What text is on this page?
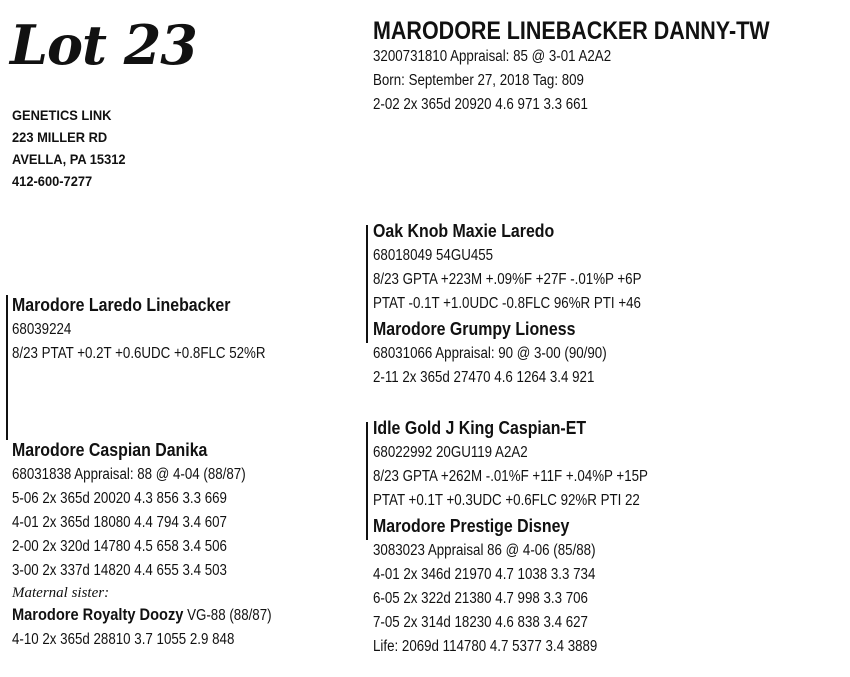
Lot 23
GENETICS LINK
223 MILLER RD
AVELLA, PA 15312
412-600-7277
MARODORE LINEBACKER DANNY-TW
3200731810 Appraisal: 85 @ 3-01 A2A2
Born: September 27, 2018 Tag: 809
2-02 2x 365d 20920 4.6 971 3.3 661
Oak Knob Maxie Laredo
68018049 54GU455
8/23 GPTA +223M +.09%F +27F -.01%P +6P
PTAT -0.1T +1.0UDC -0.8FLC 96%R PTI +46
Marodore Grumpy Lioness
68031066 Appraisal: 90 @ 3-00 (90/90)
2-11 2x 365d 27470 4.6 1264 3.4 921
Marodore Laredo Linebacker
68039224
8/23 PTAT +0.2T +0.6UDC +0.8FLC 52%R
Idle Gold J King Caspian-ET
68022992 20GU119 A2A2
8/23 GPTA +262M -.01%F +11F +.04%P +15P
PTAT +0.1T +0.3UDC +0.6FLC 92%R PTI 22
Marodore Prestige Disney
3083023 Appraisal 86 @ 4-06 (85/88)
4-01 2x 346d 21970 4.7 1038 3.3 734
6-05 2x 322d 21380 4.7 998 3.3 706
7-05 2x 314d 18230 4.6 838 3.4 627
Life: 2069d 114780 4.7 5377 3.4 3889
Marodore Caspian Danika
68031838 Appraisal: 88 @ 4-04 (88/87)
5-06 2x 365d 20020 4.3 856 3.3 669
4-01 2x 365d 18080 4.4 794 3.4 607
2-00 2x 320d 14780 4.5 658 3.4 506
3-00 2x 337d 14820 4.4 655 3.4 503
Maternal sister:
Marodore Royalty Doozy VG-88 (88/87)
4-10 2x 365d 28810 3.7 1055 2.9 848
